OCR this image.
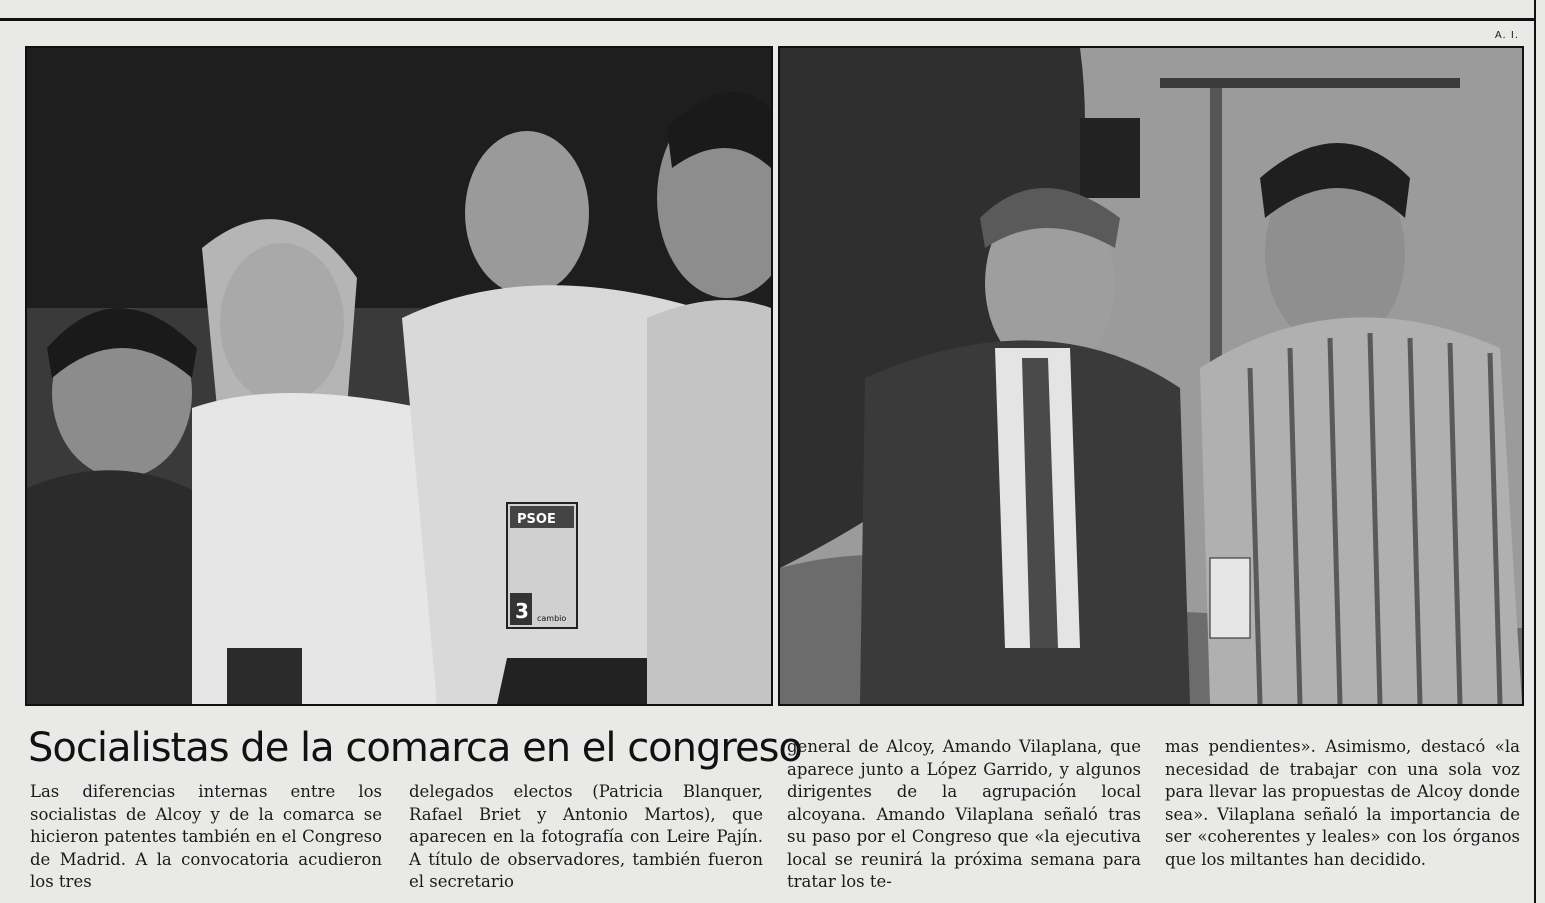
A. I.
PSOE
3 cambio
Socialistas de la comarca en el congreso

Las diferencias internas entre los socialistas de Alcoy y de la comarca se hicieron patentes también en el Congreso de Madrid. A la convocatoria acudieron los tres

delegados electos (Patricia Blanquer, Rafael Briet y Antonio Martos), que aparecen en la fotografía con Leire Pajín. A título de observadores, también fueron el secretario

general de Alcoy, Amando Vilaplana, que aparece junto a López Garrido, y algunos dirigentes de la agrupación local alcoyana. Amando Vilaplana señaló tras su paso por el Congreso que «la ejecutiva local se reunirá la próxima semana para tratar los te-

mas pendientes». Asimismo, destacó «la necesidad de trabajar con una sola voz para llevar las propuestas de Alcoy donde sea». Vilaplana señaló la importancia de ser «coherentes y leales» con los órganos que los miltantes han decidido.
